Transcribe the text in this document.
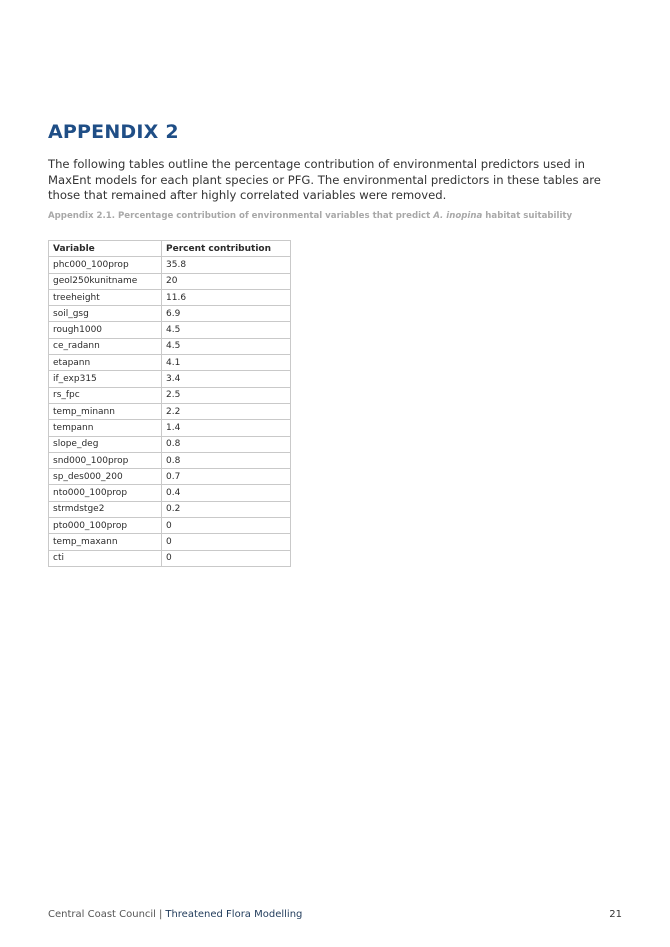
APPENDIX 2

The following tables outline the percentage contribution of environmental predictors used in MaxEnt models for each plant species or PFG. The environmental predictors in these tables are those that remained after highly correlated variables were removed.

Appendix 2.1. Percentage contribution of environmental variables that predict A. inopina habitat suitability

Variable	Percent contribution
phc000_100prop	35.8
geol250kunitname	20
treeheight	11.6
soil_gsg	6.9
rough1000	4.5
ce_radann	4.5
etapann	4.1
if_exp315	3.4
rs_fpc	2.5
temp_minann	2.2
tempann	1.4
slope_deg	0.8
snd000_100prop	0.8
sp_des000_200	0.7
nto000_100prop	0.4
strmdstge2	0.2
pto000_100prop	0
temp_maxann	0
cti	0
Central Coast Council | Threatened Flora Modelling	21
